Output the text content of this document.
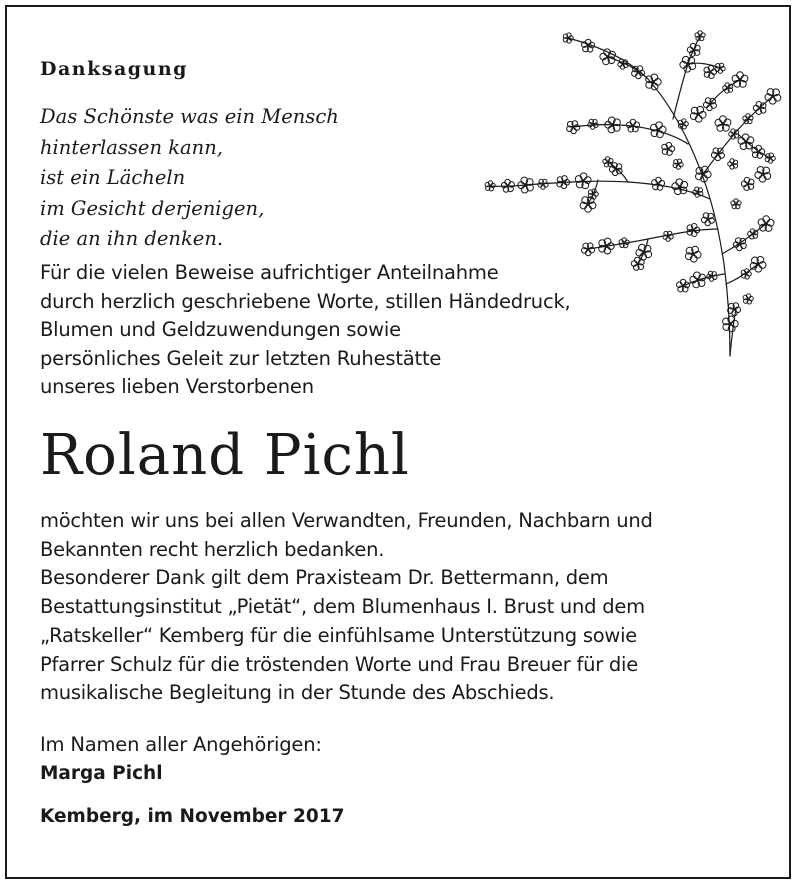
Danksagung
Das Schönste was ein Mensch
hinterlassen kann,
ist ein Lächeln
im Gesicht derjenigen,
die an ihn denken.
Für die vielen Beweise aufrichtiger Anteilnahme
durch herzlich geschriebene Worte, stillen Händedruck,
Blumen und Geldzuwendungen sowie
persönliches Geleit zur letzten Ruhestätte
unseres lieben Verstorbenen
Roland Pichl
möchten wir uns bei allen Verwandten, Freunden, Nachbarn und
Bekannten recht herzlich bedanken.
Besonderer Dank gilt dem Praxisteam Dr. Bettermann, dem
Bestattungsinstitut „Pietät“, dem Blumenhaus I. Brust und dem
„Ratskeller“ Kemberg für die einfühlsame Unterstützung sowie
Pfarrer Schulz für die tröstenden Worte und Frau Breuer für die
musikalische Begleitung in der Stunde des Abschieds.
Im Namen aller Angehörigen:
Marga Pichl
Kemberg, im November 2017
